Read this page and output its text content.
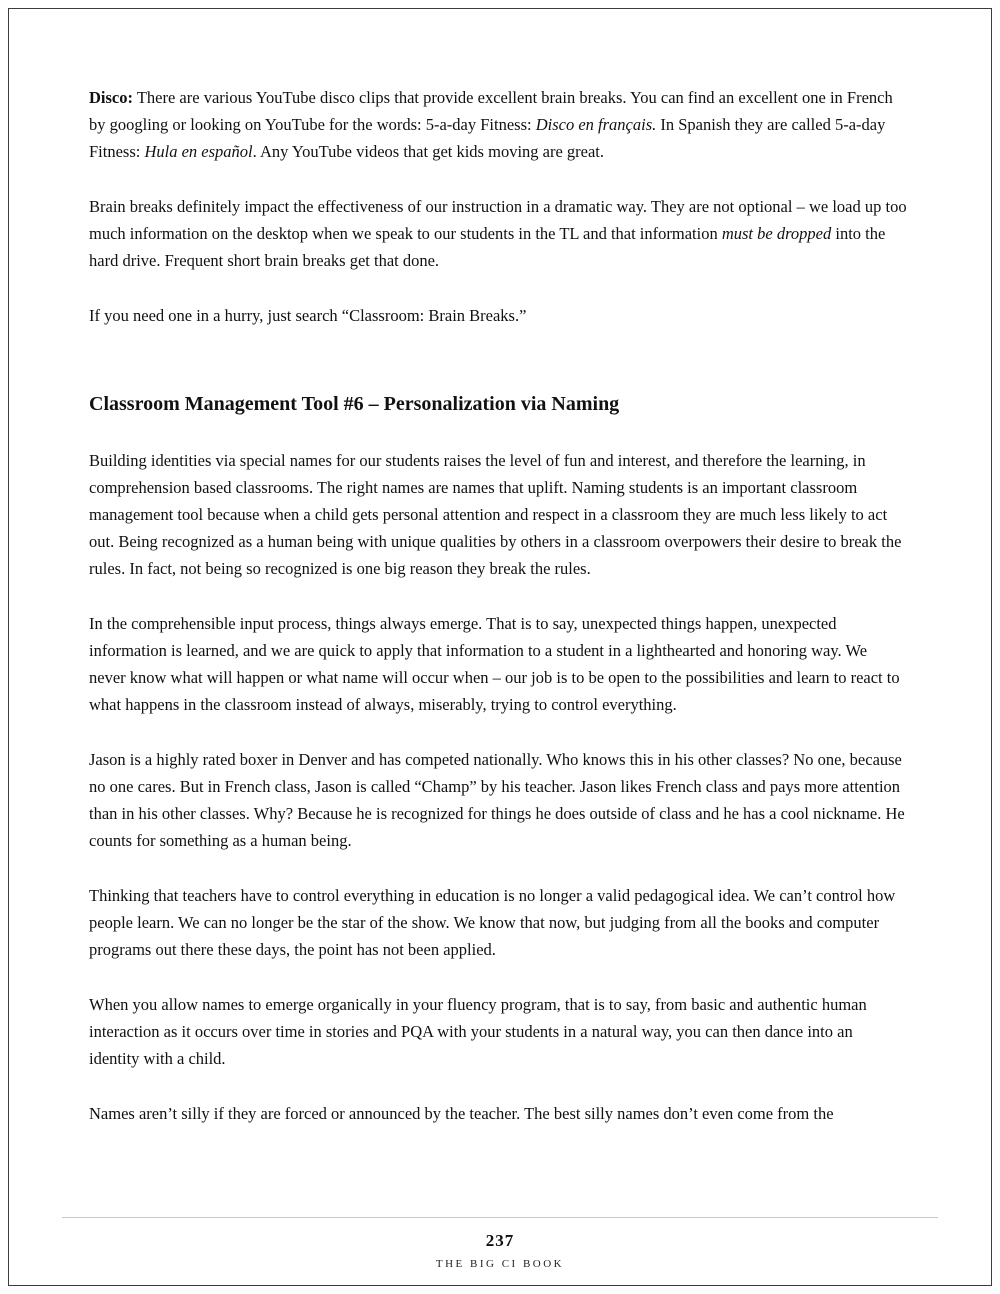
Disco: There are various YouTube disco clips that provide excellent brain breaks. You can find an excellent one in French by googling or looking on YouTube for the words: 5-a-day Fitness: Disco en français. In Spanish they are called 5-a-day Fitness: Hula en español. Any YouTube videos that get kids moving are great.

Brain breaks definitely impact the effectiveness of our instruction in a dramatic way. They are not optional – we load up too much information on the desktop when we speak to our students in the TL and that information must be dropped into the hard drive. Frequent short brain breaks get that done.

If you need one in a hurry, just search “Classroom: Brain Breaks.”

Classroom Management Tool #6 – Personalization via Naming

Building identities via special names for our students raises the level of fun and interest, and therefore the learning, in comprehension based classrooms. The right names are names that uplift. Naming students is an important classroom management tool because when a child gets personal attention and respect in a classroom they are much less likely to act out. Being recognized as a human being with unique qualities by others in a classroom overpowers their desire to break the rules. In fact, not being so recognized is one big reason they break the rules.

In the comprehensible input process, things always emerge. That is to say, unexpected things happen, unexpected information is learned, and we are quick to apply that information to a student in a lighthearted and honoring way. We never know what will happen or what name will occur when – our job is to be open to the possibilities and learn to react to what happens in the classroom instead of always, miserably, trying to control everything.

Jason is a highly rated boxer in Denver and has competed nationally. Who knows this in his other classes? No one, because no one cares. But in French class, Jason is called “Champ” by his teacher. Jason likes French class and pays more attention than in his other classes. Why? Because he is recognized for things he does outside of class and he has a cool nickname. He counts for something as a human being.

Thinking that teachers have to control everything in education is no longer a valid pedagogical idea. We can’t control how people learn. We can no longer be the star of the show. We know that now, but judging from all the books and computer programs out there these days, the point has not been applied.

When you allow names to emerge organically in your fluency program, that is to say, from basic and authentic human interaction as it occurs over time in stories and PQA with your students in a natural way, you can then dance into an identity with a child.

Names aren’t silly if they are forced or announced by the teacher. The best silly names don’t even come from the

237
THE BIG CI BOOK
